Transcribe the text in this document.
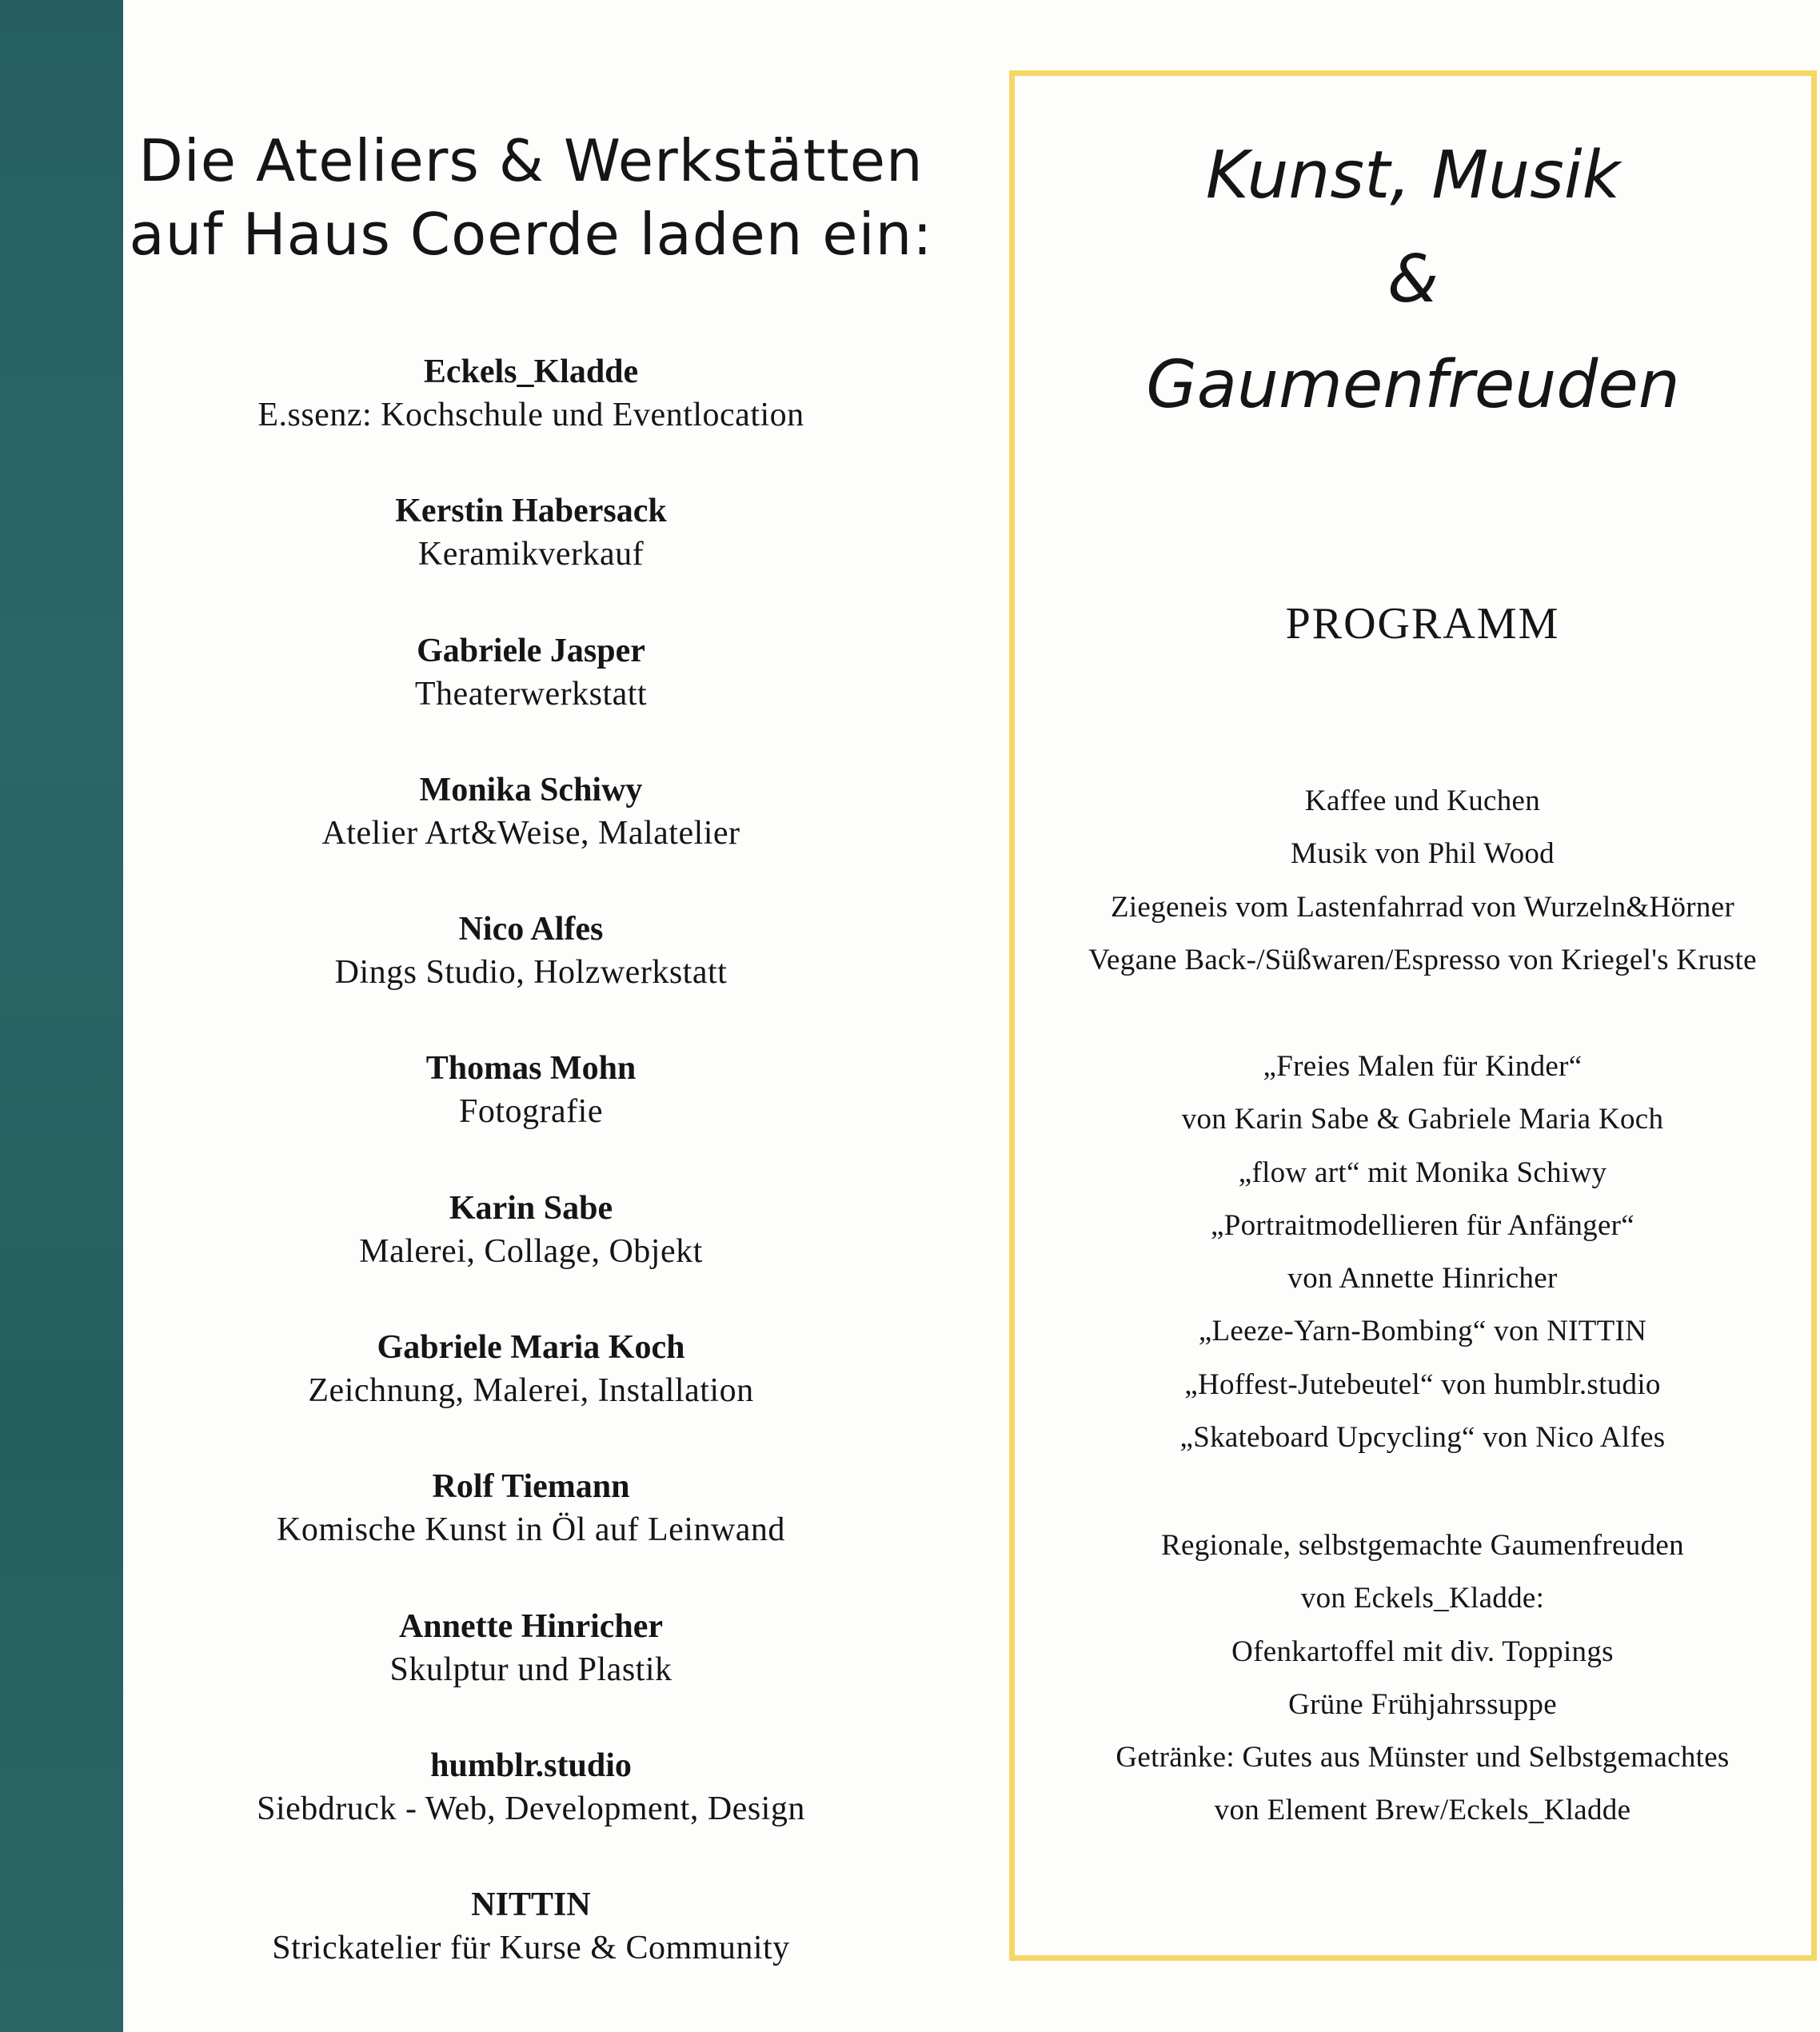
Die Ateliers & Werkstätten
auf Haus Coerde laden ein:
Eckels_Kladde
E.ssenz: Kochschule und Eventlocation
Kerstin Habersack
Keramikverkauf
Gabriele Jasper
Theaterwerkstatt
Monika Schiwy
Atelier Art&Weise, Malatelier
Nico Alfes
Dings Studio, Holzwerkstatt
Thomas Mohn
Fotografie
Karin Sabe
Malerei, Collage, Objekt
Gabriele Maria Koch
Zeichnung, Malerei, Installation
Rolf Tiemann
Komische Kunst in Öl auf Leinwand
Annette Hinricher
Skulptur und Plastik
humblr.studio
Siebdruck - Web, Development, Design
NITTIN
Strickatelier für Kurse & Community
Kunst, Musik
&
Gaumenfreuden
PROGRAMM
Kaffee und Kuchen
Musik von Phil Wood
Ziegeneis vom Lastenfahrrad von Wurzeln&Hörner
Vegane Back-/Süßwaren/Espresso von Kriegel's Kruste
„Freies Malen für Kinder“
von Karin Sabe & Gabriele Maria Koch
„flow art“ mit Monika Schiwy
„Portraitmodellieren für Anfänger“
von Annette Hinricher
„Leeze-Yarn-Bombing“ von NITTIN
„Hoffest-Jutebeutel“ von humblr.studio
„Skateboard Upcycling“ von Nico Alfes
Regionale, selbstgemachte Gaumenfreuden
von Eckels_Kladde:
Ofenkartoffel mit div. Toppings
Grüne Frühjahrssuppe
Getränke: Gutes aus Münster und Selbstgemachtes
von Element Brew/Eckels_Kladde
